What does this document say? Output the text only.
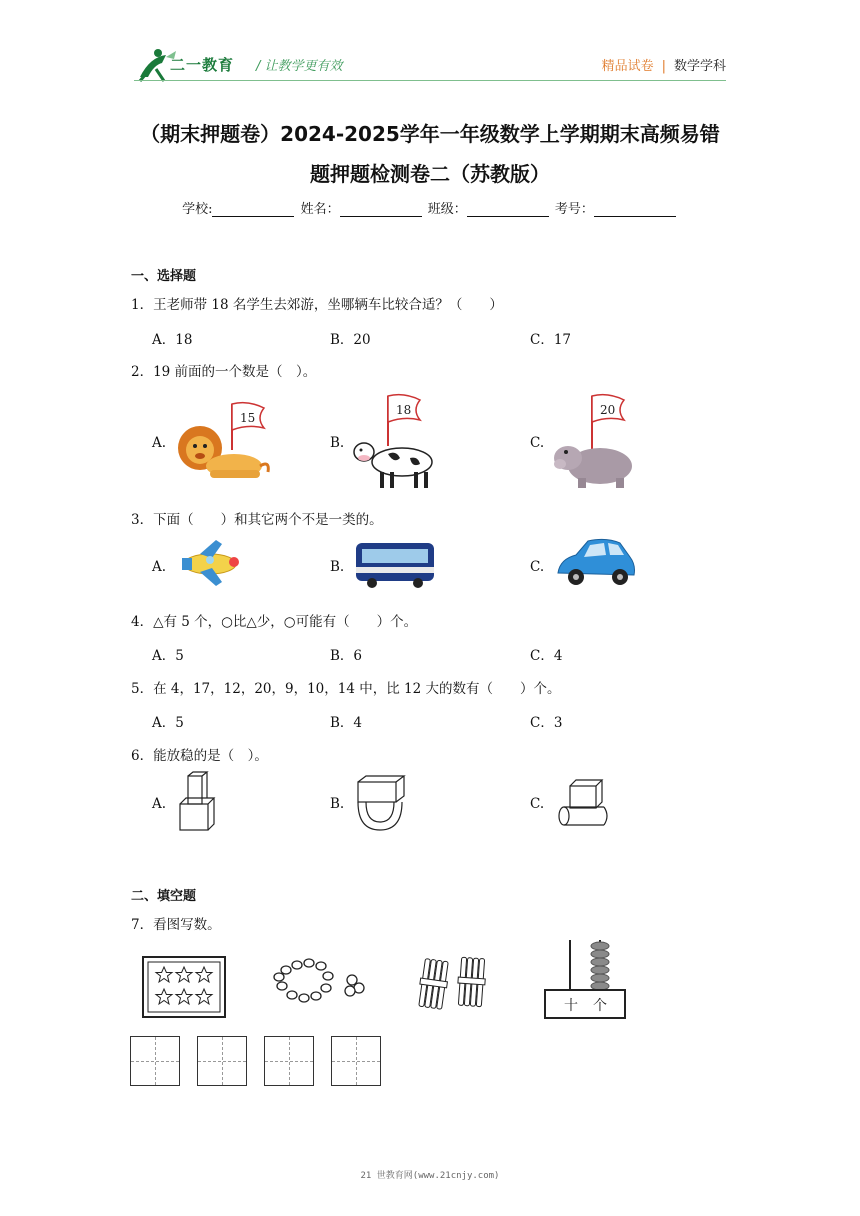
二一教育 / 让教学更有效	精品试卷 | 数学学科
（期末押题卷）2024-2025学年一年级数学上学期期末高频易错
题押题检测卷二（苏教版）
学校:	姓名：	班级：	考号：
一、选择题
1．王老师带 18 名学生去郊游，坐哪辆车比较合适？（　　）
A．18	B．20	C．17
2．19 前面的一个数是（　）。
A.	B.	C.
15
18	20
3．下面（　　）和其它两个不是一类的。
A.	B.	C.
4．△有 5 个，○比△少，○可能有（　　）个。
A．5	B．6	C．4
5．在 4，17，12，20，9，10，14 中，比 12 大的数有（　　）个。
A．5	B．4	C．3
6．能放稳的是（　）。
A.	B.	C.
二、填空题
7．看图写数。
十 个
21 世教育网(www.21cnjy.com)
